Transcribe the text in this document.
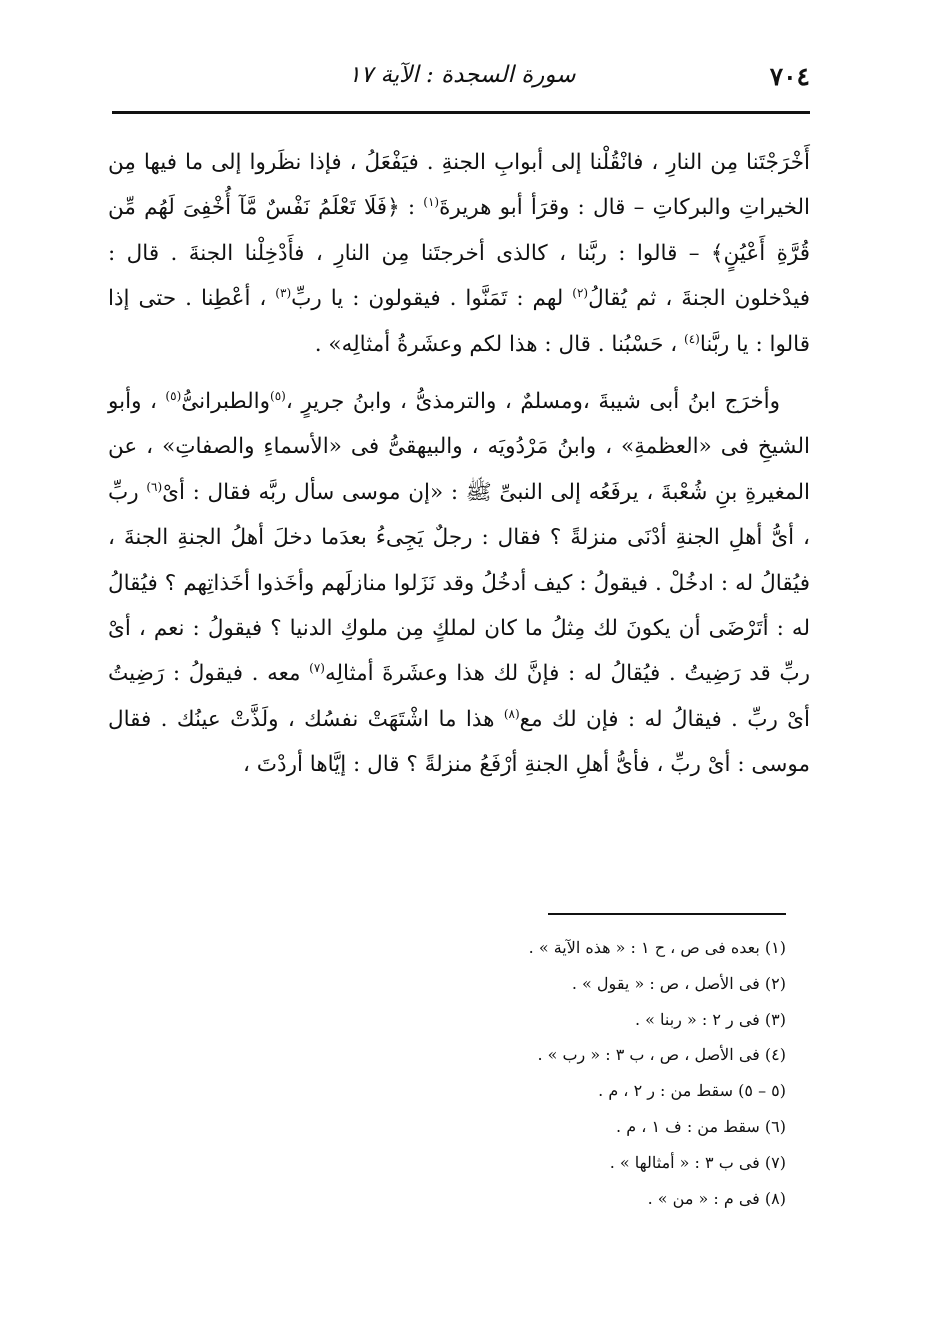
٧٠٤
سورة السجدة : الآية ١٧

أَخْرَجْتَنا مِن النارِ ، فانْقُلْنا إلى أبوابِ الجنةِ . فيَفْعَلُ ، فإذا نظَروا إلى ما فيها مِن الخيراتِ والبركاتِ – قال : وقرَأ أبو هريرةَ$^{(١)}$ : ﴿فَلَا تَعْلَمُ نَفْسٌ مَّآ أُخْفِىَ لَهُم مِّن قُرَّةِ أَعْيُنٍ﴾ – قالوا : ربَّنا ، كالذى أخرجتَنا مِن النارِ ، فأَدْخِلْنا الجنةَ . قال : فيدْخلون الجنةَ ، ثم يُقالُ$^{(٢)}$ لهم : تَمَنَّوا . فيقولون : يا ربِّ$^{(٣)}$ ، أعْطِنا . حتى إذا قالوا : يا ربَّنا$^{(٤)}$ ، حَسْبُنا . قال : هذا لكم وعشَرةُ أمثالِه» .

وأخرَج ابنُ أبى شيبةَ ،ومسلمٌ ، والترمذىُّ ، وابنُ جريرٍ ،$^{(٥)}$والطبرانىُّ$^{(٥)}$ ، وأبو الشيخِ فى «العظمةِ» ، وابنُ مَرْدُويَه ، والبيهقىُّ فى «الأسماءِ والصفاتِ» ، عن المغيرةِ بنِ شُعْبةَ ، يرفَعُه إلى النبىِّ ﷺ : «إن موسى سأل ربَّه فقال : أىْ$^{(٦)}$ ربِّ ، أىُّ أهلِ الجنةِ أدْنَى منزلةً ؟ فقال : رجلٌ يَجِىءُ بعدَما دخلَ أهلُ الجنةِ الجنةَ ، فيُقالُ له : ادخُلْ . فيقولُ : كيف أدخُلُ وقد نَزَلوا منازلَهم وأخَذوا أخَذاتِهم ؟ فيُقالُ له : أتَرْضَى أن يكونَ لك مِثلُ ما كان لملكٍ مِن ملوكِ الدنيا ؟ فيقولُ : نعم ، أىْ ربِّ قد رَضِيتُ . فيُقالُ له : فإنَّ لك هذا وعشَرةَ أمثالِه$^{(٧)}$ معه . فيقولُ : رَضِيتُ أىْ ربِّ . فيقالُ له : فإن لك مع$^{(٨)}$ هذا ما اشْتَهَتْ نفسُك ، ولَذَّتْ عينُك . فقال موسى : أىْ ربِّ ، فأىُّ أهلِ الجنةِ أرْفَعُ منزلةً ؟ قال : إيَّاها أردْتَ ،

(١) بعده فى ص ، ح ١ : « هذه الآية » .
(٢) فى الأصل ، ص : « يقول » .
(٣) فى ر ٢ : « ربنا » .
(٤) فى الأصل ، ص ، ب ٣ : « رب » .
(٥ – ٥) سقط من : ر ٢ ، م .
(٦) سقط من : ف ١ ، م .
(٧) فى ب ٣ : « أمثالها » .
(٨) فى م : « من » .
